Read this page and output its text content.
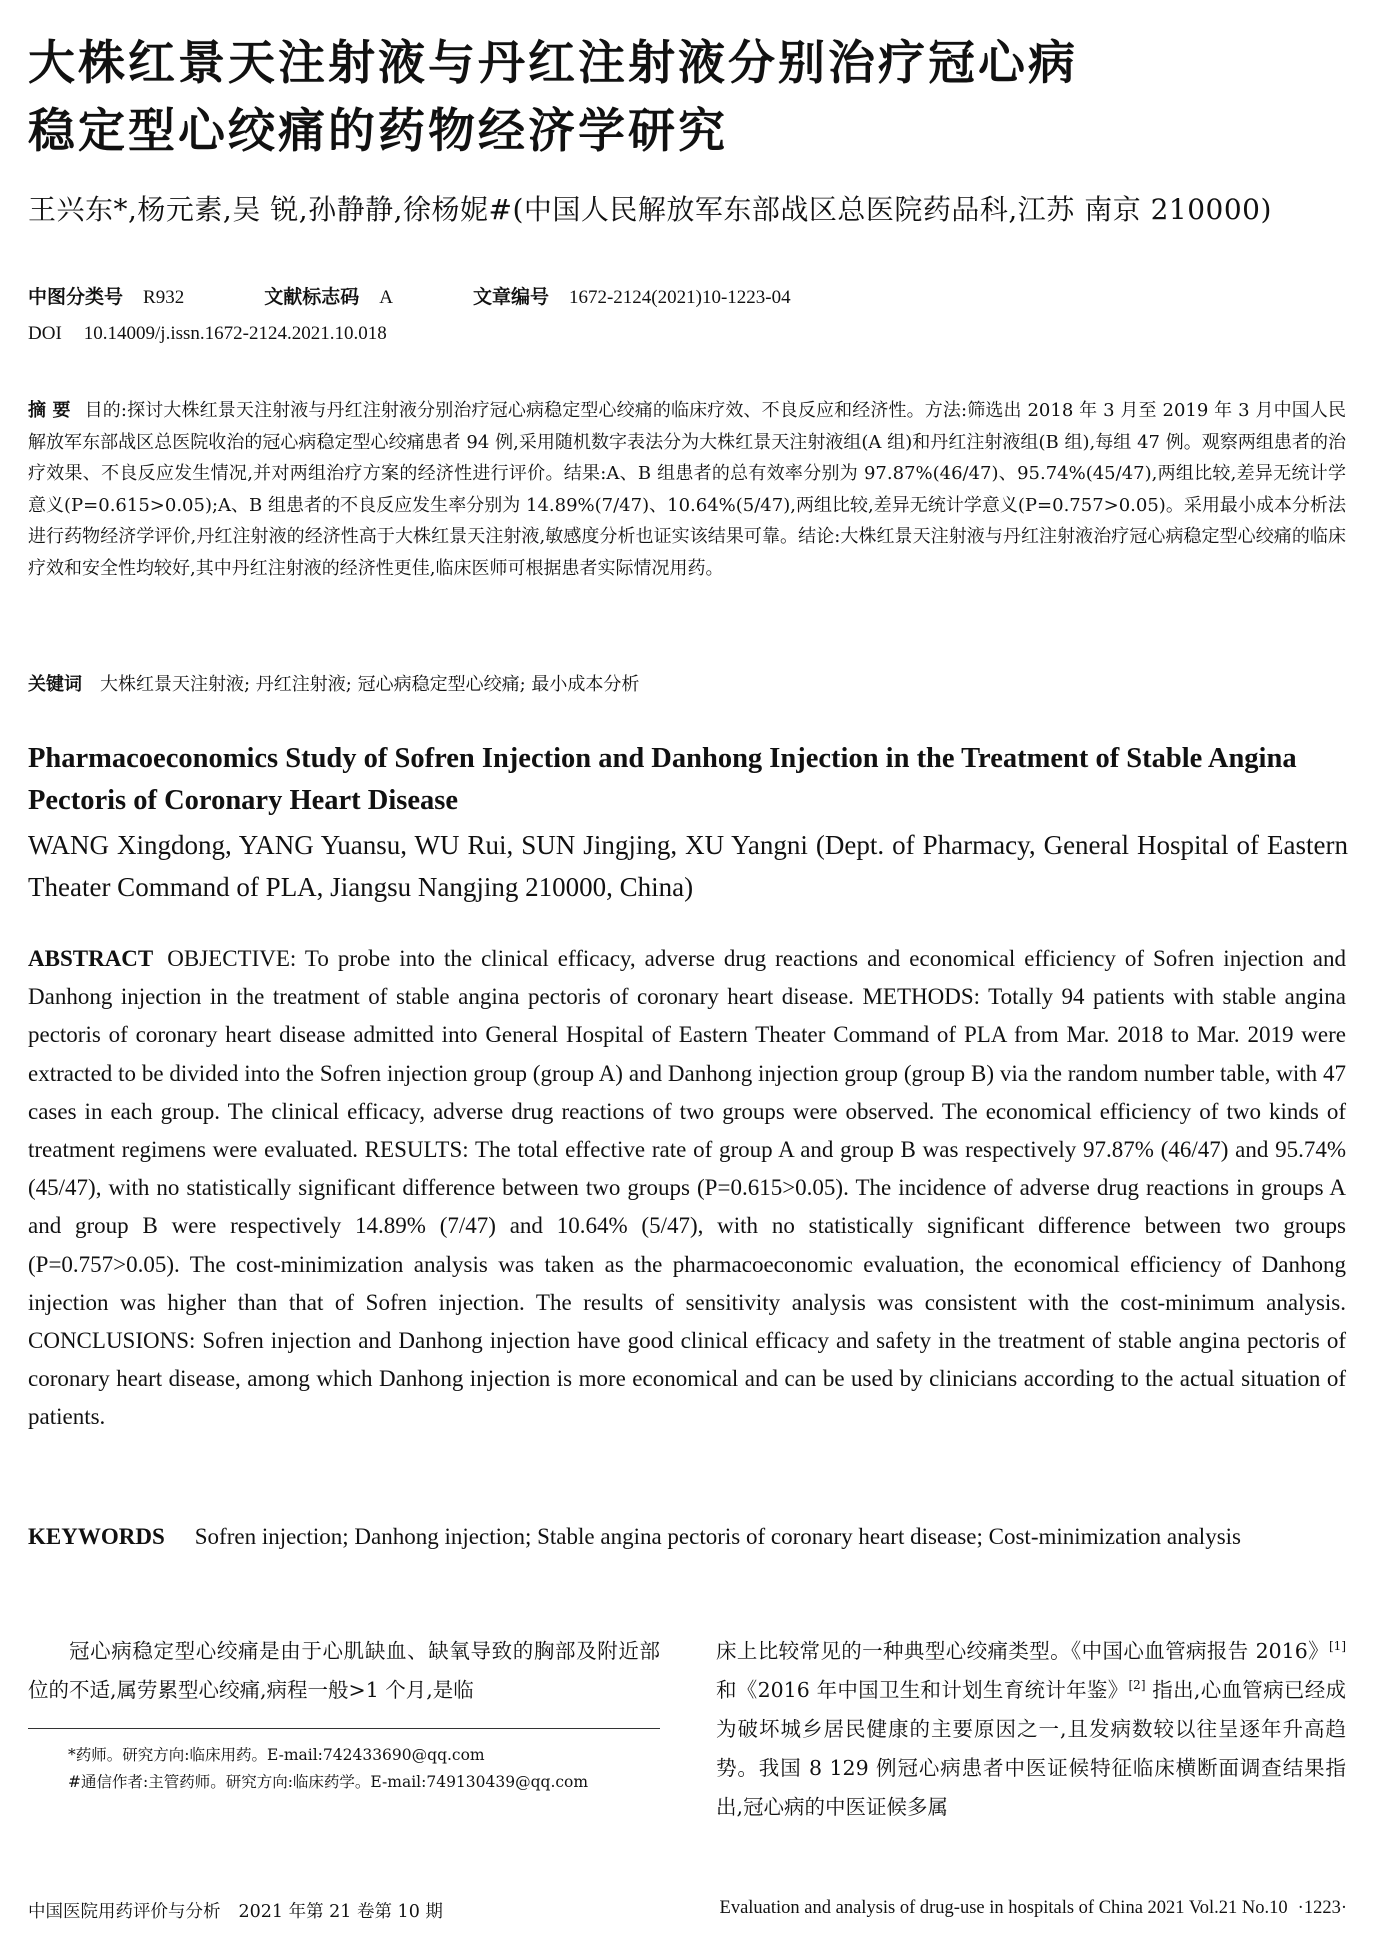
大株红景天注射液与丹红注射液分别治疗冠心病
稳定型心绞痛的药物经济学研究
王兴东*,杨元素,吴 锐,孙静静,徐杨妮#(中国人民解放军东部战区总医院药品科,江苏 南京 210000)
中图分类号 R932	文献标志码 A	文章编号 1672-2124(2021)10-1223-04
DOI 10.14009/j.issn.1672-2124.2021.10.018
摘 要 目的:探讨大株红景天注射液与丹红注射液分别治疗冠心病稳定型心绞痛的临床疗效、不良反应和经济性。方法:筛选出 2018 年 3 月至 2019 年 3 月中国人民解放军东部战区总医院收治的冠心病稳定型心绞痛患者 94 例,采用随机数字表法分为大株红景天注射液组(A 组)和丹红注射液组(B 组),每组 47 例。观察两组患者的治疗效果、不良反应发生情况,并对两组治疗方案的经济性进行评价。结果:A、B 组患者的总有效率分别为 97.87%(46/47)、95.74%(45/47),两组比较,差异无统计学意义(P=0.615>0.05);A、B 组患者的不良反应发生率分别为 14.89%(7/47)、10.64%(5/47),两组比较,差异无统计学意义(P=0.757>0.05)。采用最小成本分析法进行药物经济学评价,丹红注射液的经济性高于大株红景天注射液,敏感度分析也证实该结果可靠。结论:大株红景天注射液与丹红注射液治疗冠心病稳定型心绞痛的临床疗效和安全性均较好,其中丹红注射液的经济性更佳,临床医师可根据患者实际情况用药。
关键词 大株红景天注射液; 丹红注射液; 冠心病稳定型心绞痛; 最小成本分析
Pharmacoeconomics Study of Sofren Injection and Danhong Injection in the Treatment of Stable Angina Pectoris of Coronary Heart Disease
WANG Xingdong, YANG Yuansu, WU Rui, SUN Jingjing, XU Yangni (Dept. of Pharmacy, General Hospital of Eastern Theater Command of PLA, Jiangsu Nangjing 210000, China)
ABSTRACT OBJECTIVE: To probe into the clinical efficacy, adverse drug reactions and economical efficiency of Sofren injection and Danhong injection in the treatment of stable angina pectoris of coronary heart disease. METHODS: Totally 94 patients with stable angina pectoris of coronary heart disease admitted into General Hospital of Eastern Theater Command of PLA from Mar. 2018 to Mar. 2019 were extracted to be divided into the Sofren injection group (group A) and Danhong injection group (group B) via the random number table, with 47 cases in each group. The clinical efficacy, adverse drug reactions of two groups were observed. The economical efficiency of two kinds of treatment regimens were evaluated. RESULTS: The total effective rate of group A and group B was respectively 97.87% (46/47) and 95.74% (45/47), with no statistically significant difference between two groups (P=0.615>0.05). The incidence of adverse drug reactions in groups A and group B were respectively 14.89% (7/47) and 10.64% (5/47), with no statistically significant difference between two groups (P=0.757>0.05). The cost-minimization analysis was taken as the pharmacoeconomic evaluation, the economical efficiency of Danhong injection was higher than that of Sofren injection. The results of sensitivity analysis was consistent with the cost-minimum analysis. CONCLUSIONS: Sofren injection and Danhong injection have good clinical efficacy and safety in the treatment of stable angina pectoris of coronary heart disease, among which Danhong injection is more economical and can be used by clinicians according to the actual situation of patients.
KEYWORDS Sofren injection; Danhong injection; Stable angina pectoris of coronary heart disease; Cost-minimization analysis
冠心病稳定型心绞痛是由于心肌缺血、缺氧导致的胸部及附近部位的不适,属劳累型心绞痛,病程一般>1 个月,是临
*药师。研究方向:临床用药。E-mail:742433690@qq.com
#通信作者:主管药师。研究方向:临床药学。E-mail:749130439@qq.com
床上比较常见的一种典型心绞痛类型。《中国心血管病报告 2016》[1] 和《2016 年中国卫生和计划生育统计年鉴》[2] 指出,心血管病已经成为破坏城乡居民健康的主要原因之一,且发病数较以往呈逐年升高趋势。我国 8 129 例冠心病患者中医证候特征临床横断面调查结果指出,冠心病的中医证候多属
中国医院用药评价与分析 2021 年第 21 卷第 10 期	Evaluation and analysis of drug-use in hospitals of China 2021 Vol.21 No.10 ·1223·
